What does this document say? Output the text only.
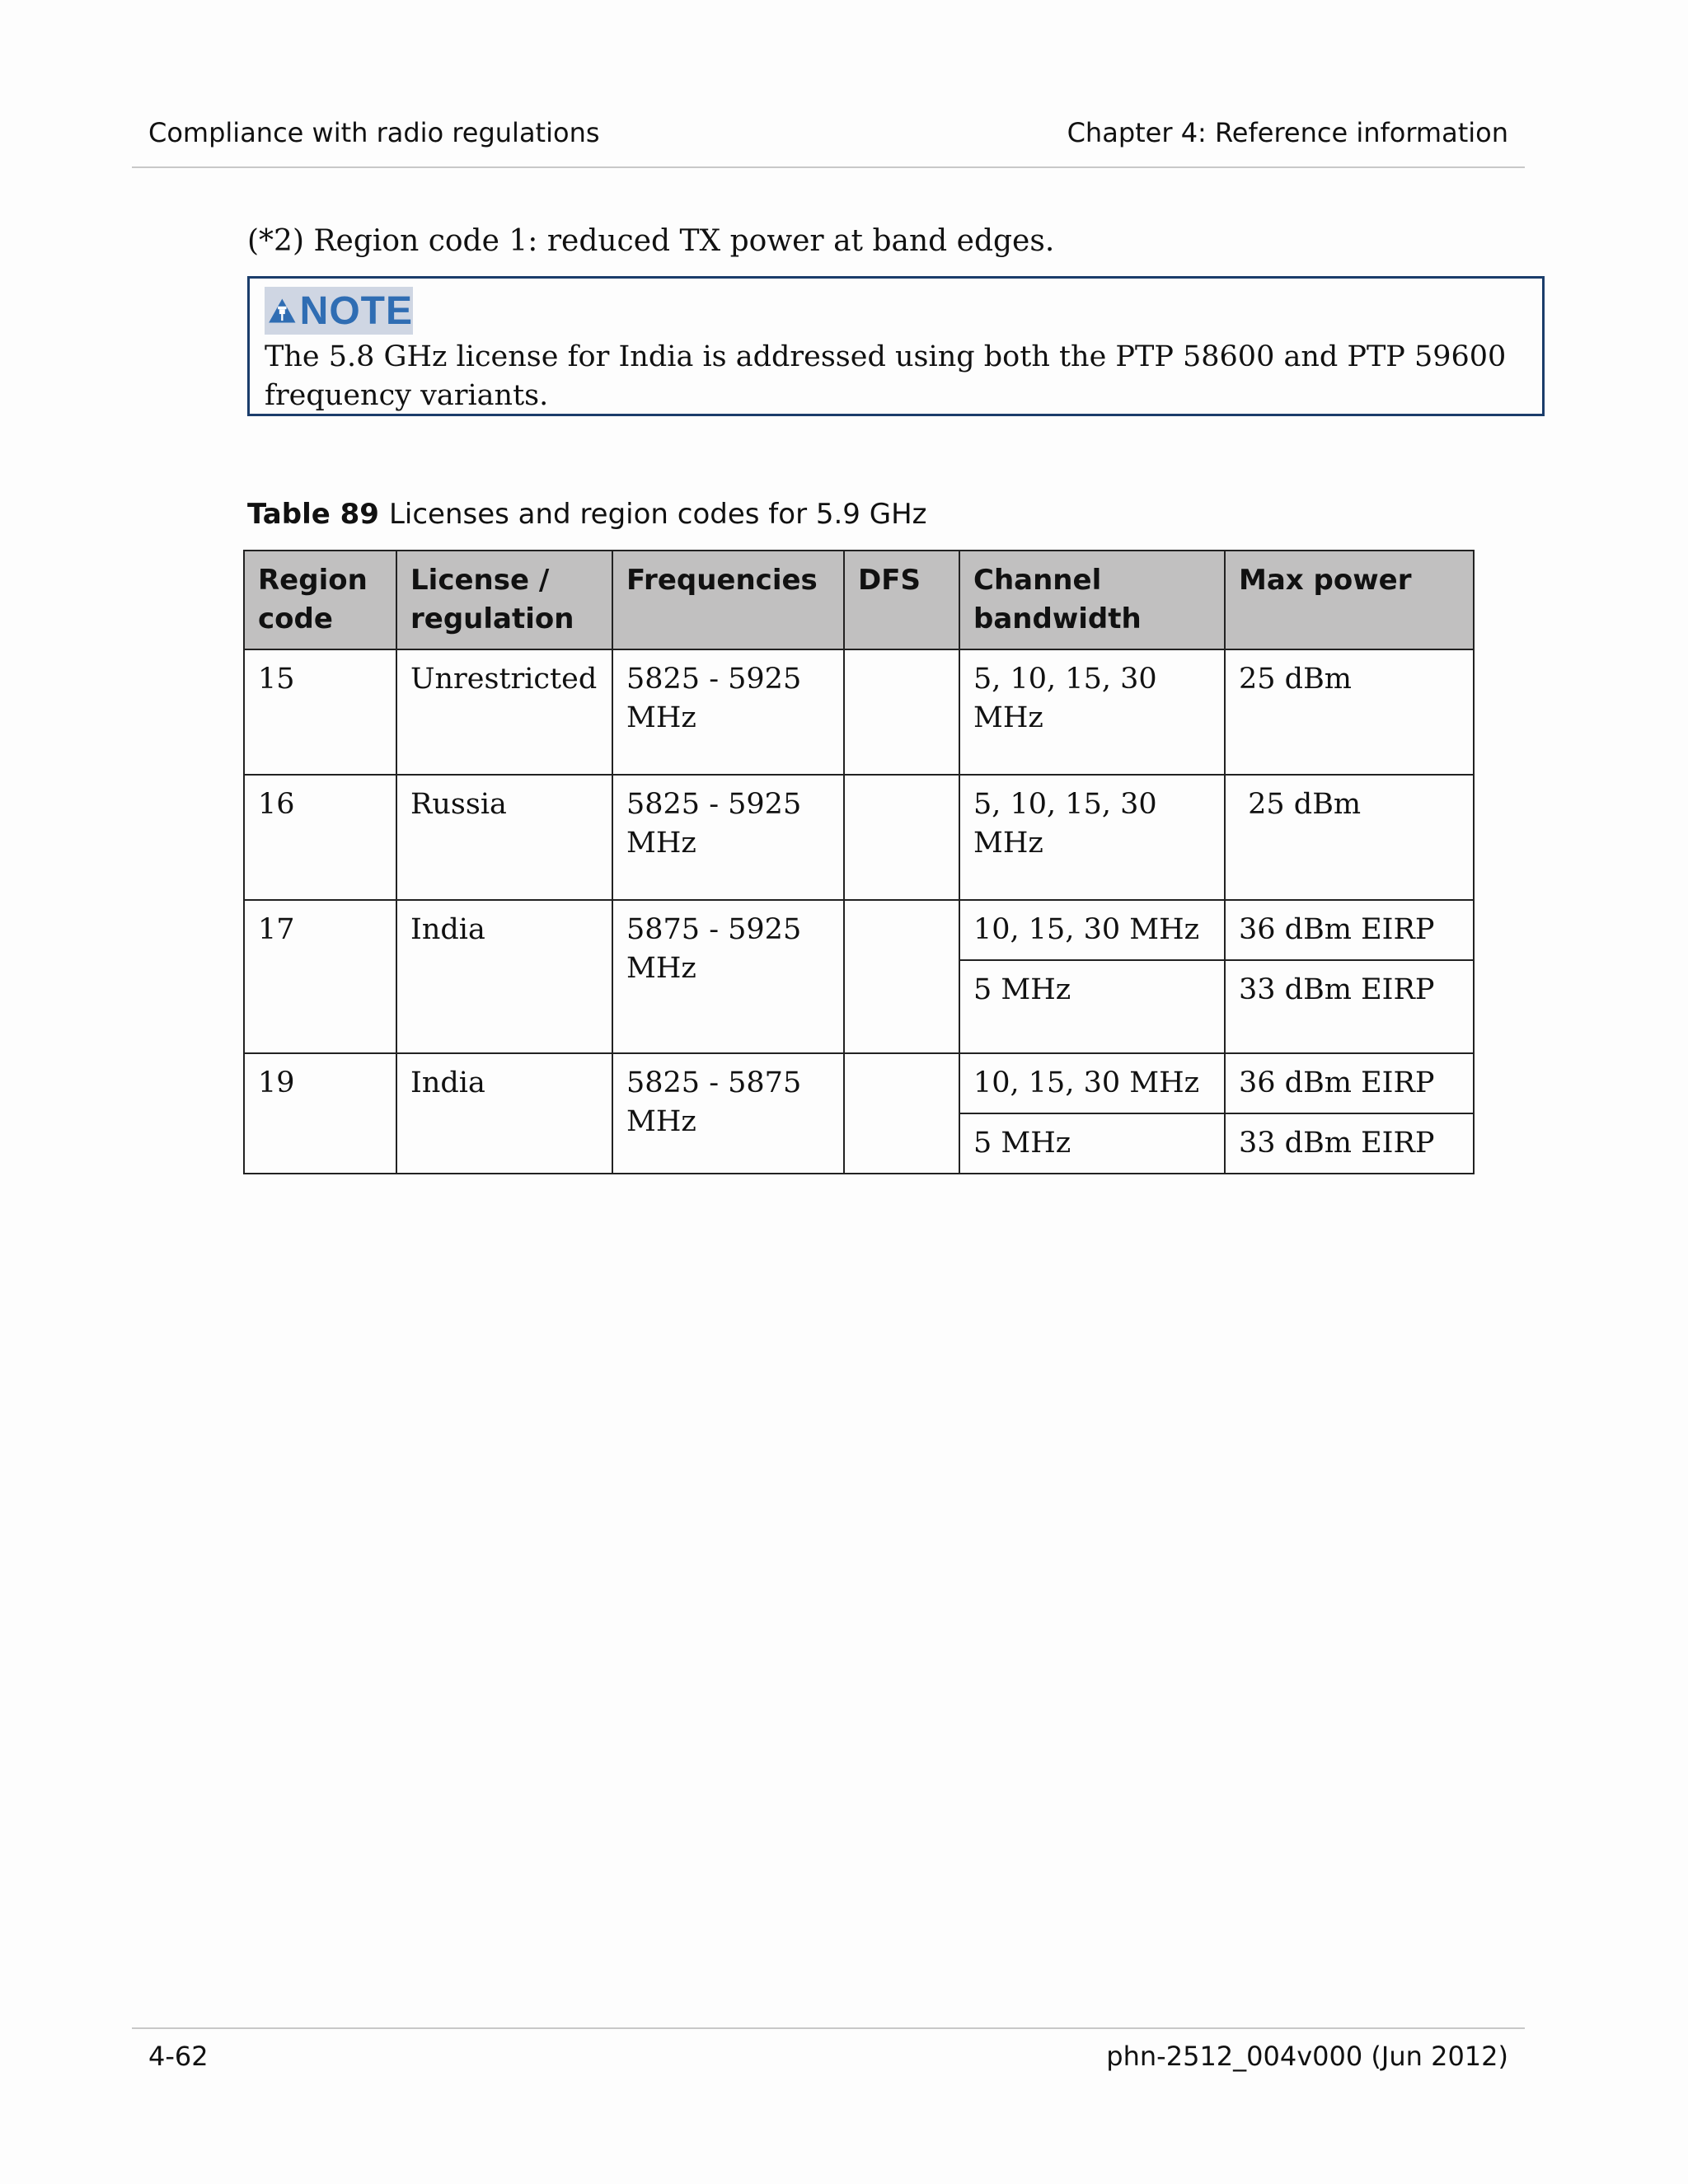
Compliance with radio regulations	Chapter 4: Reference information
(*2) Region code 1: reduced TX power at band edges.
NOTE
The 5.8 GHz license for India is addressed using both the PTP 58600 and PTP 59600 frequency variants.
Table 89 Licenses and region codes for 5.9 GHz
Region code	License / regulation	Frequencies	DFS	Channel bandwidth	Max power
15	Unrestricted	5825 - 5925 MHz		5, 10, 15, 30 MHz	25 dBm
16	Russia	5825 - 5925 MHz		5, 10, 15, 30 MHz	25 dBm
17	India	5875 - 5925 MHz		10, 15, 30 MHz	36 dBm EIRP
				5 MHz	33 dBm EIRP
19	India	5825 - 5875 MHz		10, 15, 30 MHz	36 dBm EIRP
				5 MHz	33 dBm EIRP
4-62	phn-2512_004v000 (Jun 2012)
